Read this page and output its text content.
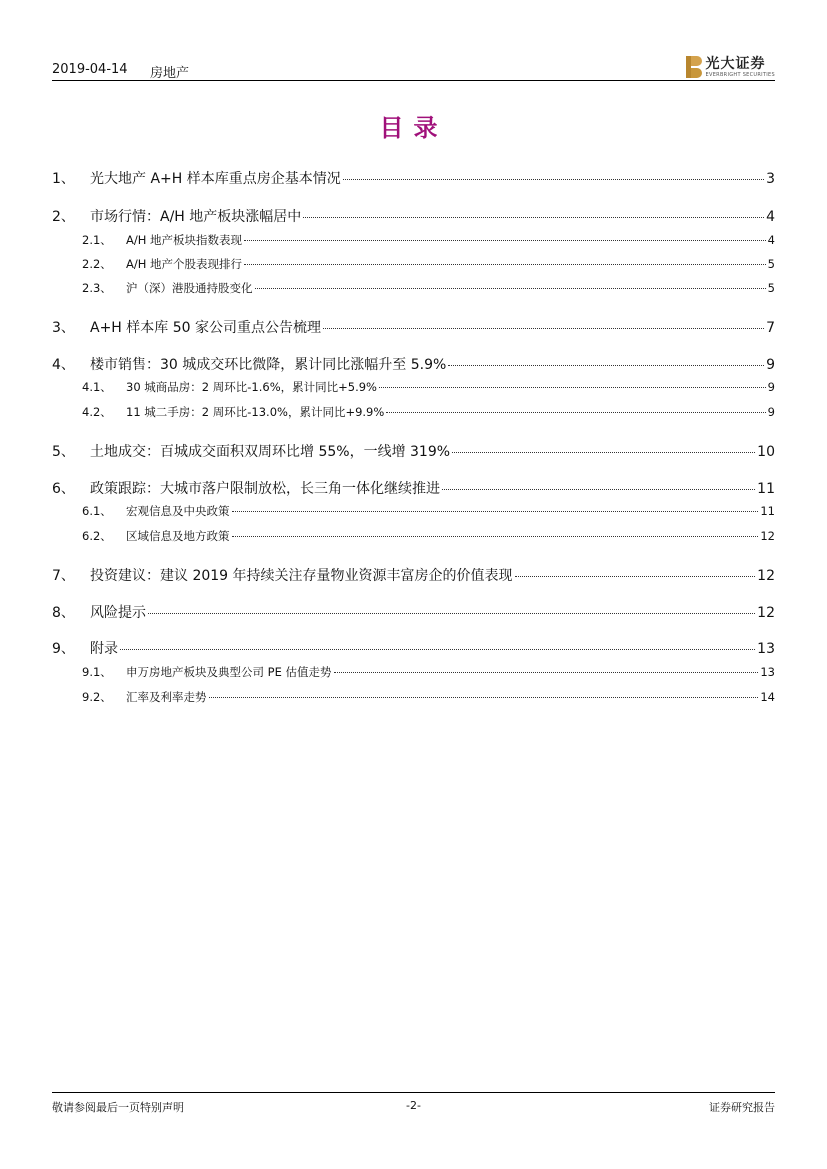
2019-04-14 房地产
光大证券
EVERBRIGHT SECURITIES
目录
1、	光大地产 A+H 样本库重点房企基本情况	3
2、	市场行情：A/H 地产板块涨幅居中	4
2.1、	A/H 地产板块指数表现	4
2.2、	A/H 地产个股表现排行	5
2.3、	沪（深）港股通持股变化	5
3、	A+H 样本库 50 家公司重点公告梳理	7
4、	楼市销售：30 城成交环比微降，累计同比涨幅升至 5.9%	9
4.1、	30 城商品房：2 周环比-1.6%，累计同比+5.9%	9
4.2、	11 城二手房：2 周环比-13.0%，累计同比+9.9%	9
5、	土地成交：百城成交面积双周环比增 55%，一线增 319%	10
6、	政策跟踪：大城市落户限制放松，长三角一体化继续推进	11
6.1、	宏观信息及中央政策	11
6.2、	区域信息及地方政策	12
7、	投资建议：建议 2019 年持续关注存量物业资源丰富房企的价值表现	12
8、	风险提示	12
9、	附录	13
9.1、	申万房地产板块及典型公司 PE 估值走势	13
9.2、	汇率及利率走势	14
敬请参阅最后一页特别声明	-2-	证券研究报告
